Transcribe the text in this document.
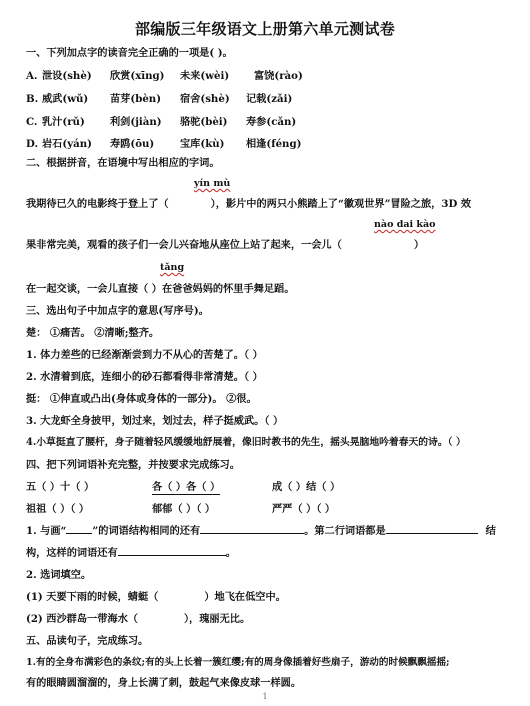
部编版三年级语文上册第六单元测试卷
一、下列加点字的读音完全正确的一项是( )。
A. 泄设(shè) 欣赏(xīnɡ) 未来(wèi) 富饶(rào)
B. 威武(wǔ) 苗芽(bèn) 宿舍(shè) 记载(zǎi)
C. 乳汁(rǔ) 利剑(jiàn) 骆驼(bèi) 寿参(cǎn)
D. 岩石(yán) 寿鸥(ōu)	宝库(kù) 相逢(féng)
二、根据拼音，在语境中写出相应的字词。
yín mù
我期待已久的电影终于登上了（	），影片中的两只小熊踏上了“徽观世界”冒险之旅，3D 效
nào dai kào
果非常完美，观看的孩子们一会儿兴奋地从座位上站了起来，一会儿（	）
tǎng
在一起交谈，一会儿直接（ ）在爸爸妈妈的怀里手舞足蹈。
三、选出句子中加点字的意思(写序号)。
楚： ①痛苦。 ②清晰;整齐。
1. 体力差些的已经渐渐尝到力不从心的苦楚了。（ ）
2. 水清着到底，连细小的砂石都看得非常清楚。（ ）
挺： ①伸直或凸出(身体或身体的一部分)。 ②很。
3. 大龙虾全身披甲，划过来，划过去，样子挺威武。（ ）
4.小草挺直了腰杆，身子随着轻风缓缓地舒展着，像旧时教书的先生，摇头晃脑地吟着春天的诗。（ ）
四、把下列词语补充完整，并按要求完成练习。
五（ ）十（ ）	各（ ）各（ ）	成（ ）结（ ）
祖祖（ ）（ ）	郁郁（ ）（ ）	严严（ ）（ ）
1. 与画“	”的词语结构相同的还有	。第二行词语都是	结
构，这样的词语还有	。
2. 选词填空。
(1) 天要下雨的时候，蜻蜓（	）地飞在低空中。
(2) 西沙群岛一带海水（	），瑰丽无比。
五、品读句子，完成练习。
1.有的全身布满彩色的条纹;有的头上长着一簇红缨;有的周身像插着好些扇子，游动的时候飘飘摇摇;
有的眼睛圆溜溜的，身上长满了刺，鼓起气来像皮球一样圆。
1
